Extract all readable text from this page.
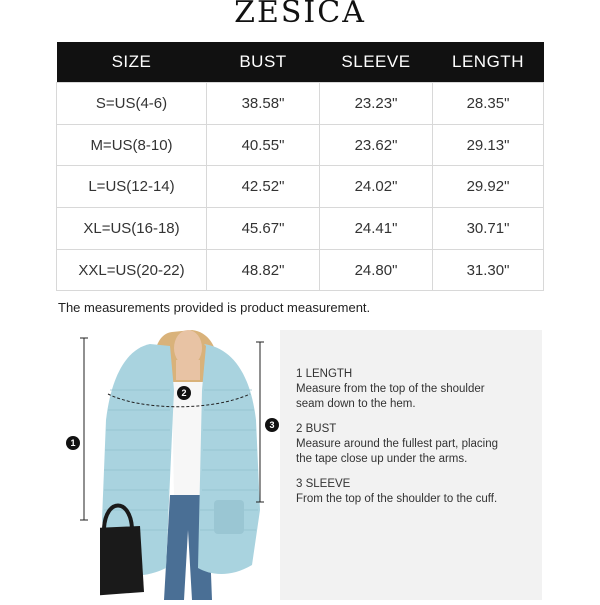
ZESICA
SIZE	BUST	SLEEVE	LENGTH
S=US(4-6)	38.58"	23.23"	28.35"
M=US(8-10)	40.55"	23.62"	29.13"
L=US(12-14)	42.52"	24.02"	29.92"
XL=US(16-18)	45.67"	24.41"	30.71"
XXL=US(20-22)	48.82"	24.80"	31.30"
The measurements provided is product measurement.
1
3
2
1 LENGTH
Measure from the top of the shoulder
seam down to the hem.
2 BUST
Measure around the fullest part, placing
the tape close up under the arms.
3 SLEEVE
From the top of the shoulder to the cuff.
